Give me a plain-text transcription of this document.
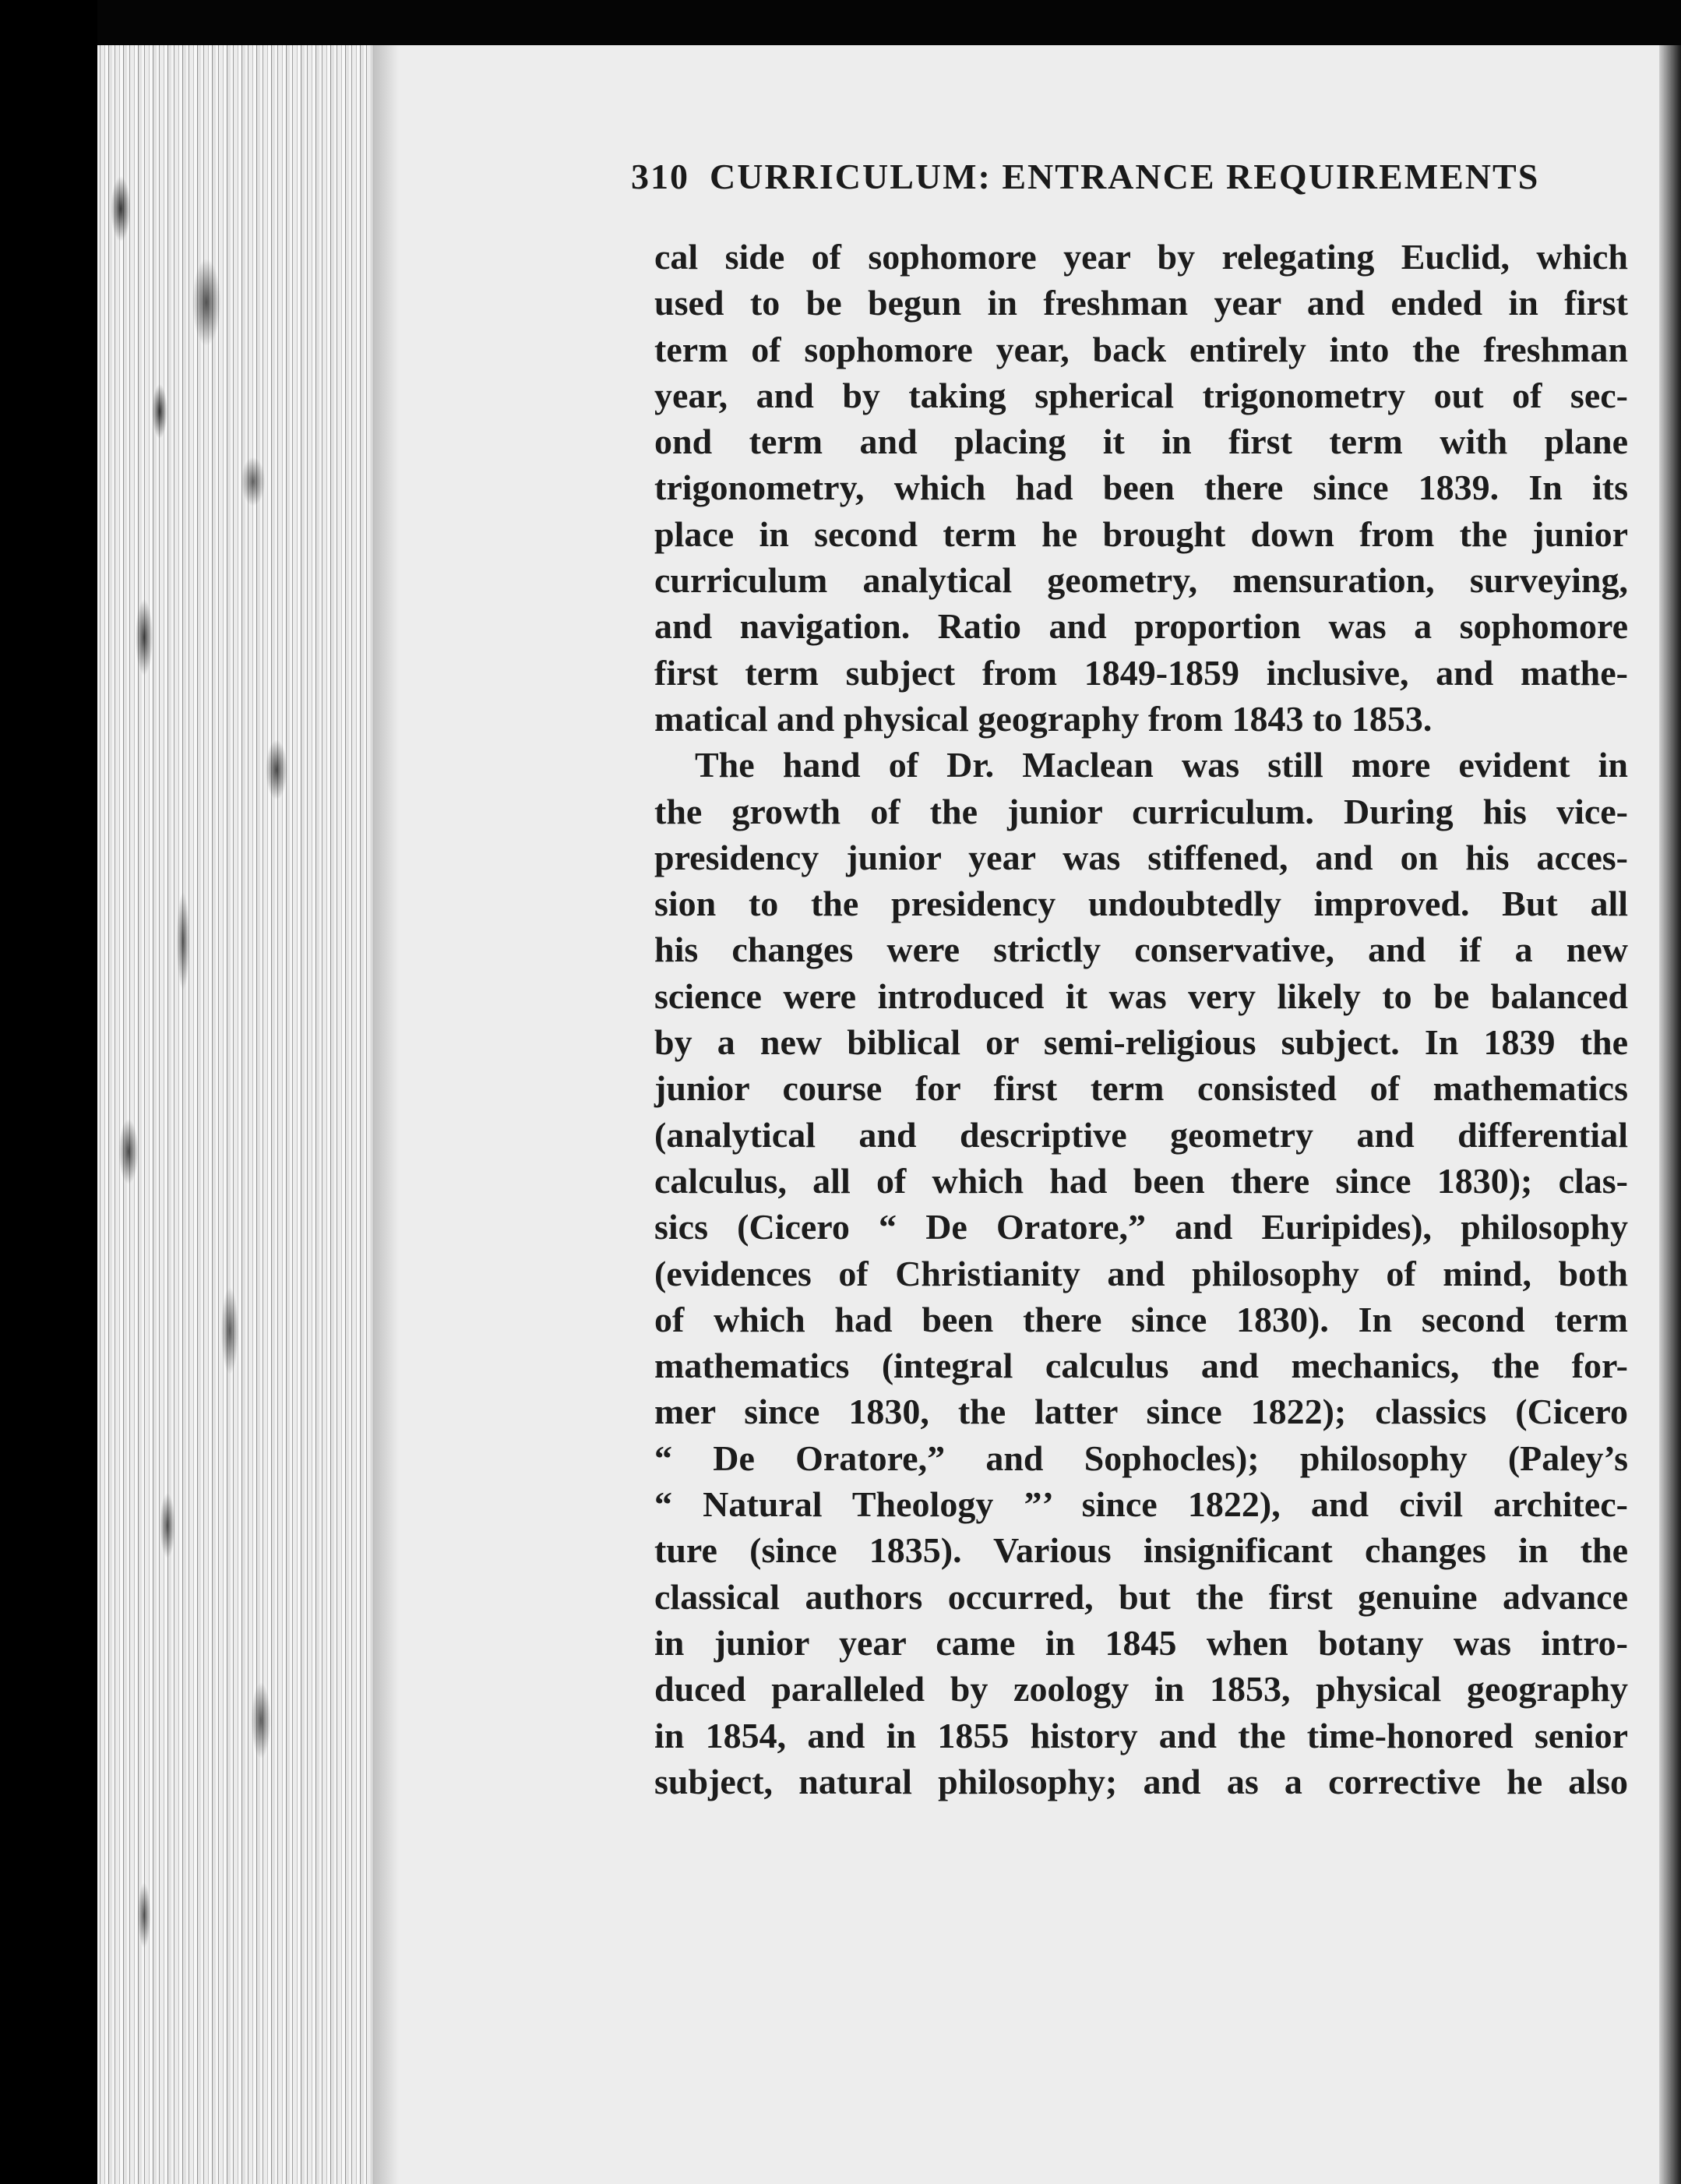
310 CURRICULUM: ENTRANCE REQUIREMENTS
cal side of sophomore year by relegating Euclid, which
used to be begun in freshman year and ended in first
term of sophomore year, back entirely into the freshman
year, and by taking spherical trigonometry out of sec-
ond term and placing it in first term with plane
trigonometry, which had been there since 1839. In its
place in second term he brought down from the junior
curriculum analytical geometry, mensuration, surveying,
and navigation. Ratio and proportion was a sophomore
first term subject from 1849-1859 inclusive, and mathe-
matical and physical geography from 1843 to 1853.
The hand of Dr. Maclean was still more evident in
the growth of the junior curriculum. During his vice-
presidency junior year was stiffened, and on his acces-
sion to the presidency undoubtedly improved. But all
his changes were strictly conservative, and if a new
science were introduced it was very likely to be balanced
by a new biblical or semi-religious subject. In 1839 the
junior course for first term consisted of mathematics
(analytical and descriptive geometry and differential
calculus, all of which had been there since 1830); clas-
sics (Cicero “ De Oratore,” and Euripides), philosophy
(evidences of Christianity and philosophy of mind, both
of which had been there since 1830). In second term
mathematics (integral calculus and mechanics, the for-
mer since 1830, the latter since 1822); classics (Cicero
“ De Oratore,” and Sophocles); philosophy (Paley’s
“ Natural Theology ”’ since 1822), and civil architec-
ture (since 1835). Various insignificant changes in the
classical authors occurred, but the first genuine advance
in junior year came in 1845 when botany was intro-
duced paralleled by zoology in 1853, physical geography
in 1854, and in 1855 history and the time-honored senior
subject, natural philosophy; and as a corrective he also
